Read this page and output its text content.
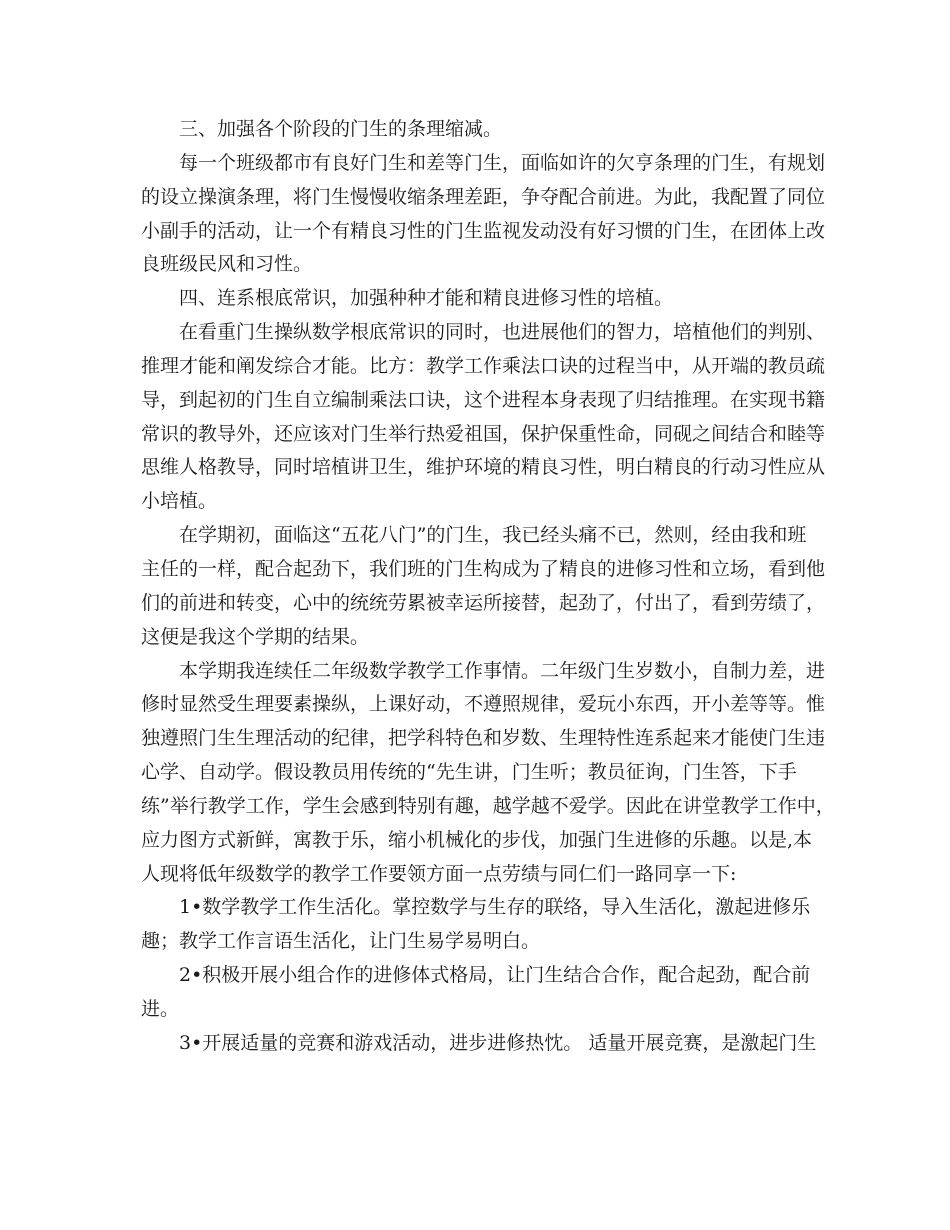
三、加强各个阶段的门生的条理缩减。
每一个班级都市有良好门生和差等门生，面临如许的欠亨条理的门生，有规划
的设立操演条理，将门生慢慢收缩条理差距，争夺配合前进。为此，我配置了同位
小副手的活动，让一个有精良习性的门生监视发动没有好习惯的门生，在团体上改
良班级民风和习性。
四、连系根底常识，加强种种才能和精良进修习性的培植。
在看重门生操纵数学根底常识的同时，也进展他们的智力，培植他们的判别、
推理才能和阐发综合才能。比方：教学工作乘法口诀的过程当中，从开端的教员疏
导，到起初的门生自立编制乘法口诀，这个进程本身表现了归结推理。在实现书籍
常识的教导外，还应该对门生举行热爱祖国，保护保重性命，同砚之间结合和睦等
思维人格教导，同时培植讲卫生，维护环境的精良习性，明白精良的行动习性应从
小培植。
在学期初，面临这“五花八门”的门生，我已经头痛不已，然则，经由我和班
主任的一样，配合起劲下，我们班的门生构成为了精良的进修习性和立场，看到他
们的前进和转变，心中的统统劳累被幸运所接替，起劲了，付出了，看到劳绩了，
这便是我这个学期的结果。
本学期我连续任二年级数学教学工作事情。二年级门生岁数小，自制力差，进
修时显然受生理要素操纵，上课好动，不遵照规律，爱玩小东西，开小差等等。惟
独遵照门生生理活动的纪律，把学科特色和岁数、生理特性连系起来才能使门生违
心学、自动学。假设教员用传统的“先生讲，门生听；教员征询，门生答，下手
练”举行教学工作，学生会感到特别有趣，越学越不爱学。因此在讲堂教学工作中，
应力图方式新鲜，寓教于乐，缩小机械化的步伐，加强门生进修的乐趣。以是,本
人现将低年级数学的教学工作要领方面一点劳绩与同仁们一路同享一下:
1•数学教学工作生活化。掌控数学与生存的联络，导入生活化，激起进修乐
趣；教学工作言语生活化，让门生易学易明白。
2•积极开展小组合作的进修体式格局，让门生结合合作，配合起劲，配合前
进。
3•开展适量的竞赛和游戏活动，进步进修热忱。 适量开展竞赛，是激起门生
